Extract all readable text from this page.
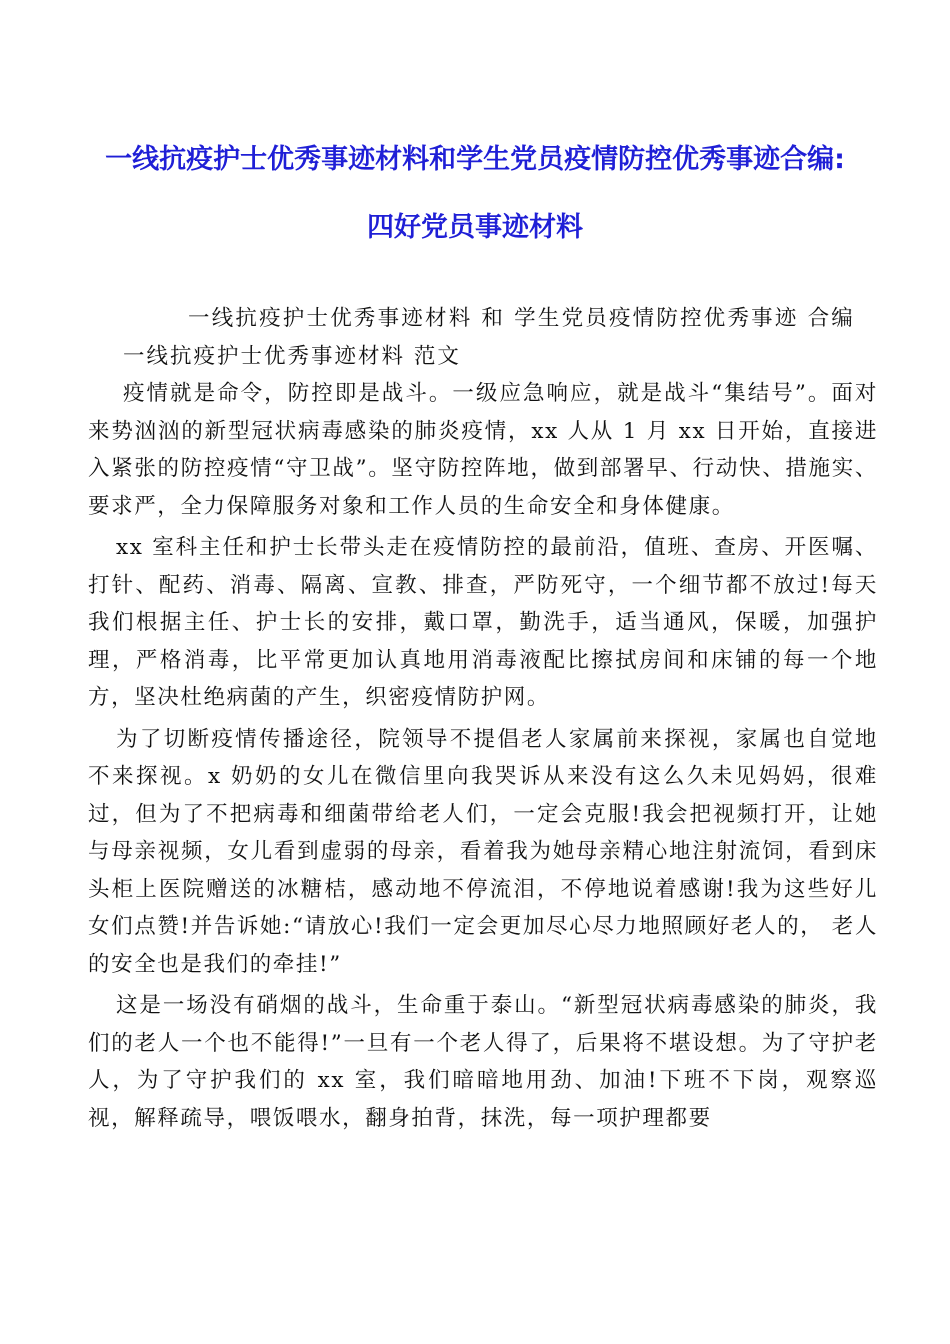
一线抗疫护士优秀事迹材料和学生党员疫情防控优秀事迹合编:
四好党员事迹材料

一线抗疫护士优秀事迹材料 和 学生党员疫情防控优秀事迹 合编

一线抗疫护士优秀事迹材料 范文

疫情就是命令，防控即是战斗。一级应急响应，就是战斗“集结号”。面对来势汹汹的新型冠状病毒感染的肺炎疫情，xx 人从 1 月 xx 日开始，直接进入紧张的防控疫情“守卫战”。坚守防控阵地，做到部署早、行动快、措施实、要求严，全力保障服务对象和工作人员的生命安全和身体健康。

xx 室科主任和护士长带头走在疫情防控的最前沿，值班、查房、开医嘱、打针、配药、消毒、隔离、宣教、排查，严防死守，一个细节都不放过!每天我们根据主任、护士长的安排，戴口罩，勤洗手，适当通风，保暖，加强护理，严格消毒，比平常更加认真地用消毒液配比擦拭房间和床铺的每一个地方，坚决杜绝病菌的产生，织密疫情防护网。

为了切断疫情传播途径，院领导不提倡老人家属前来探视，家属也自觉地不来探视。x 奶奶的女儿在微信里向我哭诉从来没有这么久未见妈妈，很难过，但为了不把病毒和细菌带给老人们，一定会克服!我会把视频打开，让她与母亲视频，女儿看到虚弱的母亲，看着我为她母亲精心地注射流饲，看到床头柜上医院赠送的冰糖桔，感动地不停流泪，不停地说着感谢!我为这些好儿女们点赞!并告诉她:“请放心!我们一定会更加尽心尽力地照顾好老人的， 老人的安全也是我们的牵挂!”

这是一场没有硝烟的战斗，生命重于泰山。“新型冠状病毒感染的肺炎，我们的老人一个也不能得!”一旦有一个老人得了，后果将不堪设想。为了守护老人，为了守护我们的 xx 室，我们暗暗地用劲、加油!下班不下岗，观察巡视，解释疏导，喂饭喂水，翻身拍背，抹洗，每一项护理都要
